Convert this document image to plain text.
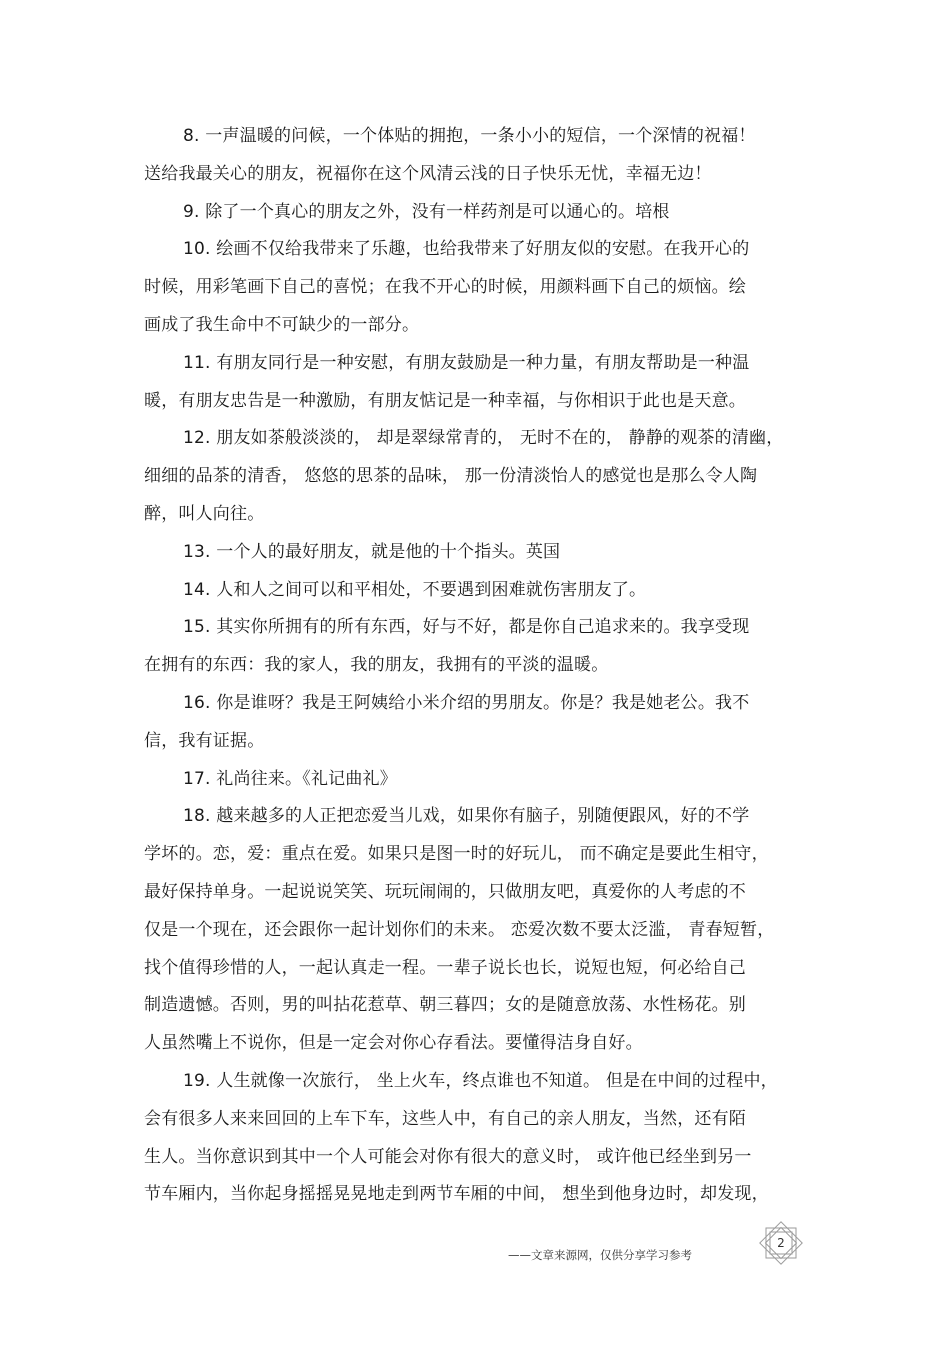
8. 一声温暖的问候，一个体贴的拥抱，一条小小的短信，一个深情的祝福！
送给我最关心的朋友，祝福你在这个风清云浅的日子快乐无忧，幸福无边！
9. 除了一个真心的朋友之外，没有一样药剂是可以通心的。培根
10. 绘画不仅给我带来了乐趣，也给我带来了好朋友似的安慰。在我开心的
时候，用彩笔画下自己的喜悦；在我不开心的时候，用颜料画下自己的烦恼。绘
画成了我生命中不可缺少的一部分。
11. 有朋友同行是一种安慰，有朋友鼓励是一种力量，有朋友帮助是一种温
暖，有朋友忠告是一种激励，有朋友惦记是一种幸福，与你相识于此也是天意。
12. 朋友如茶般淡淡的， 却是翠绿常青的， 无时不在的， 静静的观茶的清幽，
细细的品茶的清香， 悠悠的思茶的品味， 那一份清淡怡人的感觉也是那么令人陶
醉，叫人向往。
13. 一个人的最好朋友，就是他的十个指头。英国
14. 人和人之间可以和平相处，不要遇到困难就伤害朋友了。
15. 其实你所拥有的所有东西，好与不好，都是你自己追求来的。我享受现
在拥有的东西：我的家人，我的朋友，我拥有的平淡的温暖。
16. 你是谁呀？我是王阿姨给小米介绍的男朋友。你是？我是她老公。我不
信，我有证据。
17. 礼尚往来。《礼记曲礼》
18. 越来越多的人正把恋爱当儿戏，如果你有脑子，别随便跟风，好的不学
学坏的。恋，爱：重点在爱。如果只是图一时的好玩儿， 而不确定是要此生相守，
最好保持单身。一起说说笑笑、玩玩闹闹的，只做朋友吧，真爱你的人考虑的不
仅是一个现在，还会跟你一起计划你们的未来。 恋爱次数不要太泛滥， 青春短暂，
找个值得珍惜的人，一起认真走一程。一辈子说长也长，说短也短，何必给自己
制造遗憾。否则，男的叫拈花惹草、朝三暮四；女的是随意放荡、水性杨花。别
人虽然嘴上不说你，但是一定会对你心存看法。要懂得洁身自好。
19. 人生就像一次旅行， 坐上火车，终点谁也不知道。 但是在中间的过程中，
会有很多人来来回回的上车下车，这些人中，有自己的亲人朋友，当然，还有陌
生人。当你意识到其中一个人可能会对你有很大的意义时， 或许他已经坐到另一
节车厢内，当你起身摇摇晃晃地走到两节车厢的中间， 想坐到他身边时，却发现，
——文章来源网，仅供分享学习参考
2
